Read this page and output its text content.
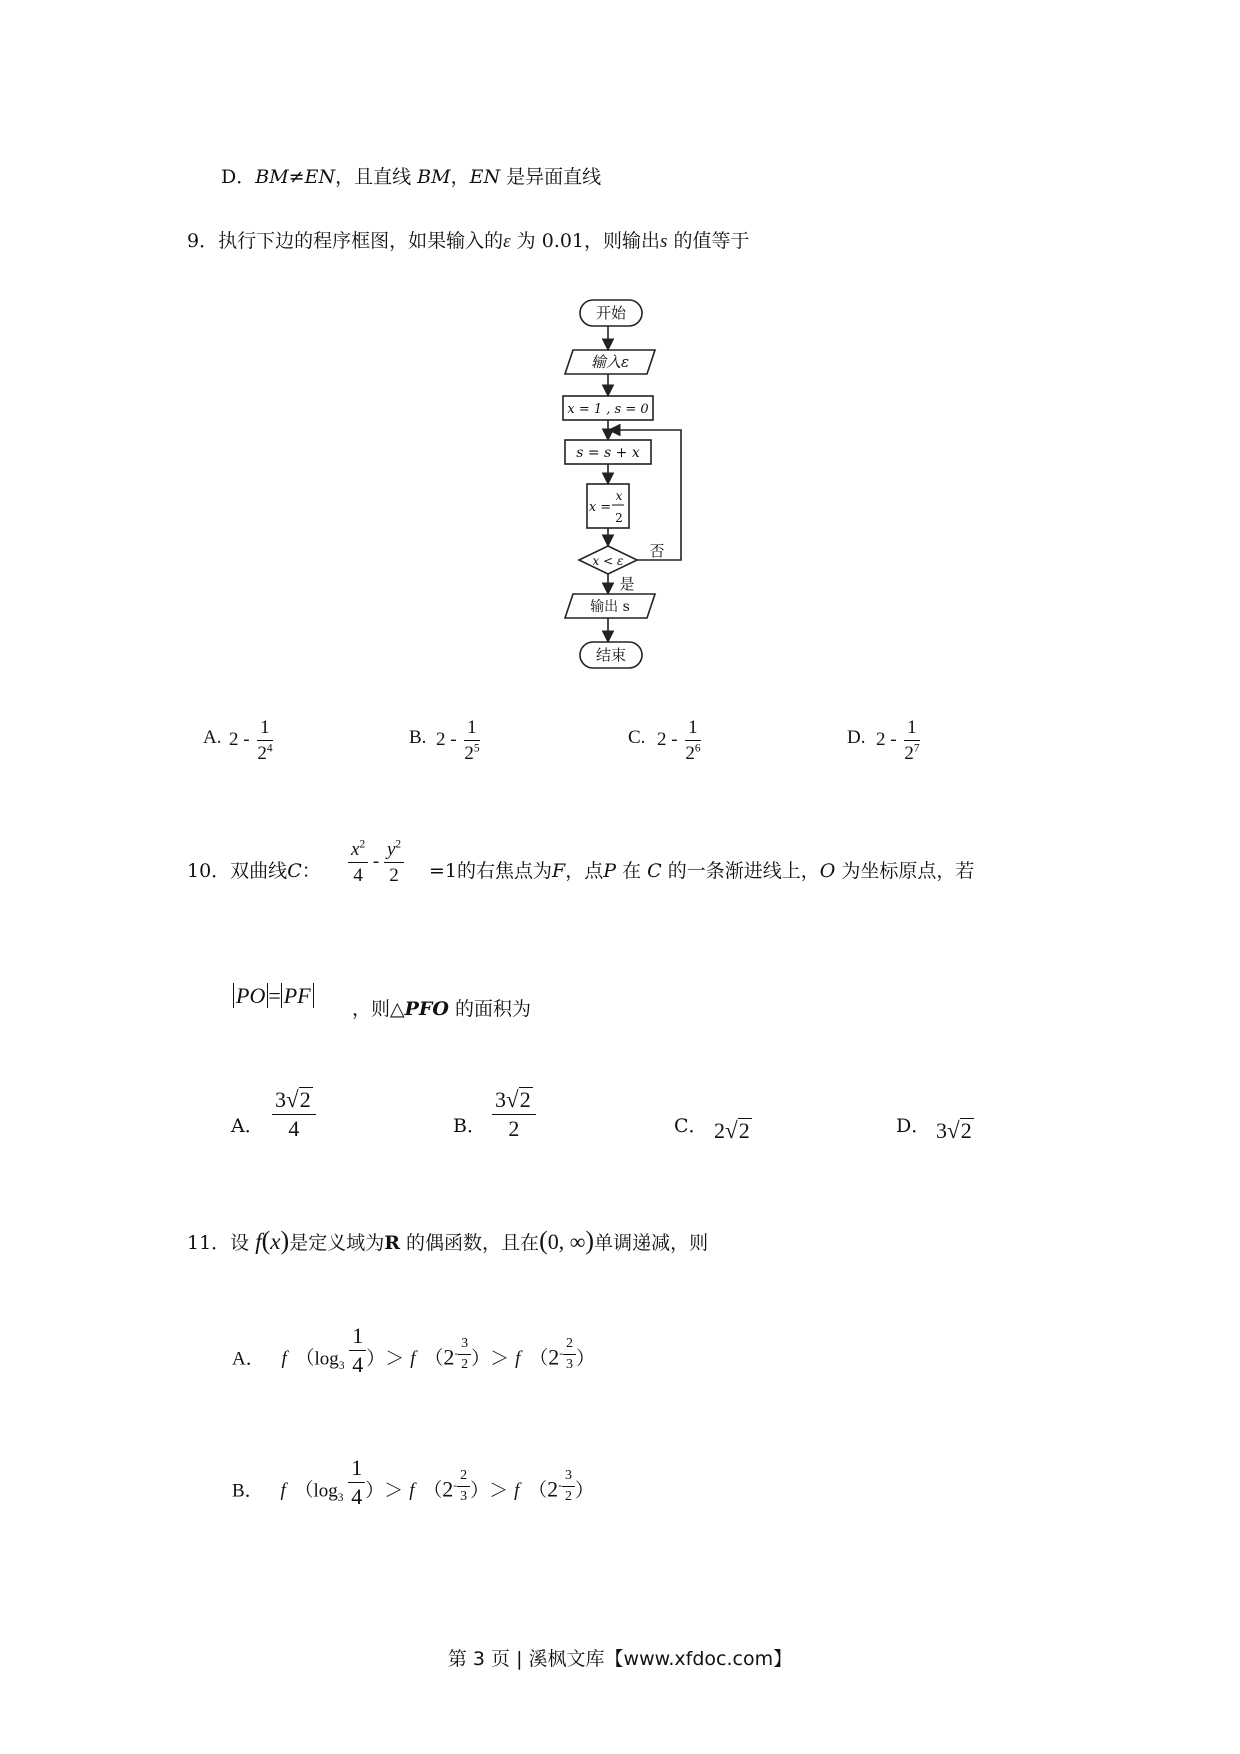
D．BM≠EN，且直线 BM，EN 是异面直线
9．执行下边的程序框图，如果输入的ε 为 0.01，则输出s 的值等于
开始
输入ε
x = 1 , s = 0
s = s + x
x =
x
2
x < ε
否
是
输出 s
结束
A. $2 - \frac{1}{2^4}$	B. $2 - \frac{1}{2^5}$	C. $2 - \frac{1}{2^6}$	D. $2 - \frac{1}{2^7}$
10．双曲线C： $\frac{x^2}{4} - \frac{y^2}{2} =1$的右焦点为F，点P 在 C 的一条渐进线上，O 为坐标原点，若
PO = PF
，则△PFO 的面积为
A． $\frac{3√2}{4}$	B． $\frac{3√2}{2}$	C． 2√2	D． 3√2
11．设 f(x)是定义域为R 的偶函数，且在(0, ∞)单调递减，则
A． f （$\log_3 \frac{1}{4}$ ）＞ f （$2^{- \frac{3}{2}}$ ）＞ f （$2^{- \frac{2}{3}}$ ）
B． f （$\log_3 \frac{1}{4}$ ）＞ f （$2^{- \frac{2}{3}}$ ）＞ f （$2^{- \frac{3}{2}}$ ）
第 3 页 | 溪枫文库【www.xfdoc.com】
